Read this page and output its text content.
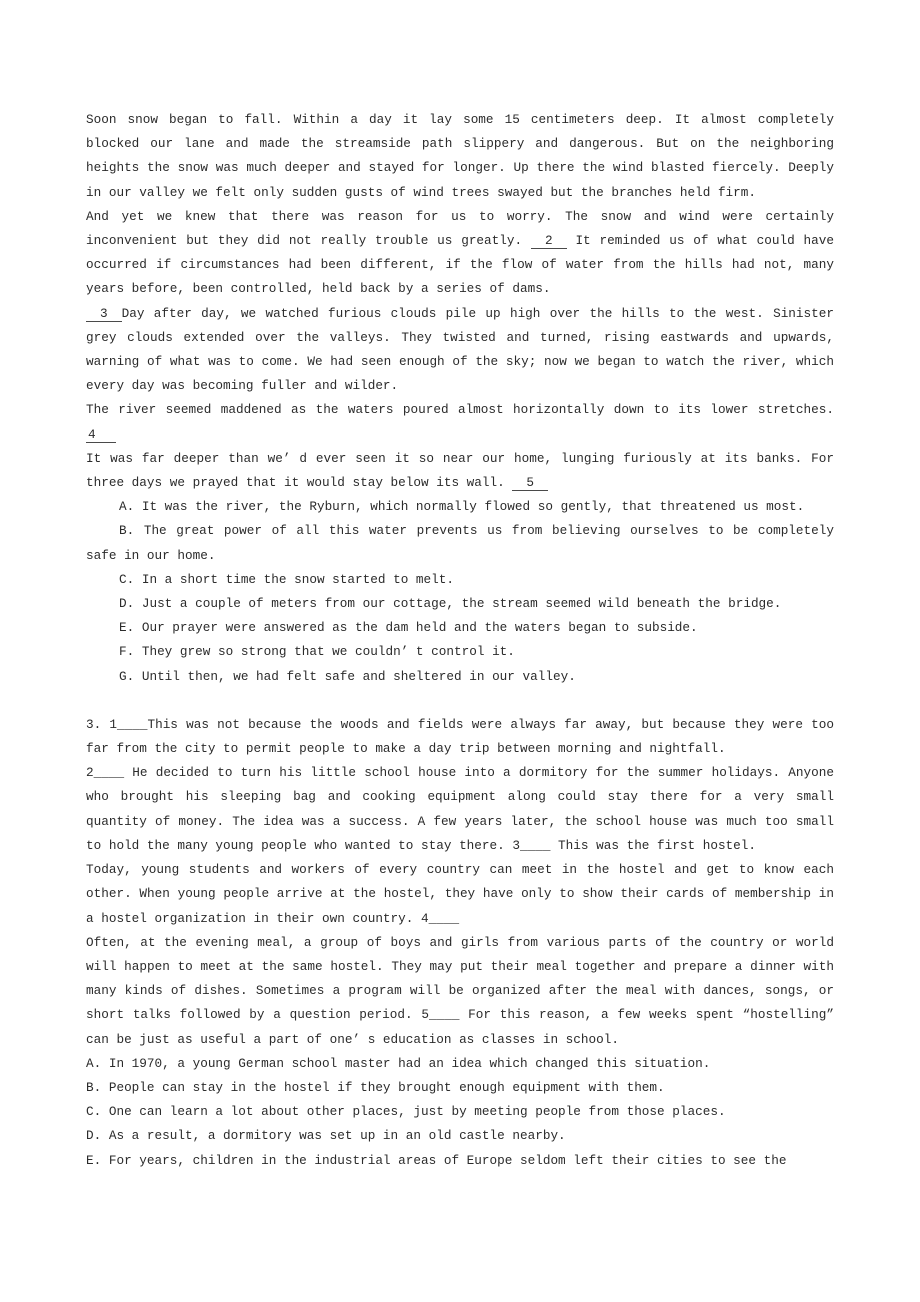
Soon snow began to fall. Within a day it lay some 15 centimeters deep. It almost completely blocked our lane and made the streamside path slippery and dangerous. But on the neighboring heights the snow was much deeper and stayed for longer. Up there the wind blasted fiercely. Deeply in our valley we felt only sudden gusts of wind trees swayed but the branches held firm.

And yet we knew that there was reason for us to worry. The snow and wind were certainly inconvenient but they did not really trouble us greatly. 2 It reminded us of what could have occurred if circumstances had been different, if the flow of water from the hills had not, many years before, been controlled, held back by a series of dams.

3 Day after day, we watched furious clouds pile up high over the hills to the west. Sinister grey clouds extended over the valleys. They twisted and turned, rising eastwards and upwards, warning of what was to come. We had seen enough of the sky; now we began to watch the river, which every day was becoming fuller and wilder.

The river seemed maddened as the waters poured almost horizontally down to its lower stretches. 4

It was far deeper than we’ d ever seen it so near our home, lunging furiously at its banks. For three days we prayed that it would stay below its wall. 5

A. It was the river, the Ryburn, which normally flowed so gently, that threatened us most.

B. The great power of all this water prevents us from believing ourselves to be completely safe in our home.

C. In a short time the snow started to melt.

D. Just a couple of meters from our cottage, the stream seemed wild beneath the bridge.

E. Our prayer were answered as the dam held and the waters began to subside.

F. They grew so strong that we couldn’ t control it.

G. Until then, we had felt safe and sheltered in our valley.

3. 1____This was not because the woods and fields were always far away, but because they were too far from the city to permit people to make a day trip between morning and nightfall.

2____ He decided to turn his little school house into a dormitory for the summer holidays. Anyone who brought his sleeping bag and cooking equipment along could stay there for a very small quantity of money. The idea was a success. A few years later, the school house was much too small to hold the many young people who wanted to stay there. 3____ This was the first hostel.

Today, young students and workers of every country can meet in the hostel and get to know each other. When young people arrive at the hostel, they have only to show their cards of membership in a hostel organization in their own country. 4____

Often, at the evening meal, a group of boys and girls from various parts of the country or world will happen to meet at the same hostel. They may put their meal together and prepare a dinner with many kinds of dishes. Sometimes a program will be organized after the meal with dances, songs, or short talks followed by a question period. 5____ For this reason, a few weeks spent “hostelling” can be just as useful a part of one’ s education as classes in school.

A. In 1970, a young German school master had an idea which changed this situation.

B. People can stay in the hostel if they brought enough equipment with them.

C. One can learn a lot about other places, just by meeting people from those places.

D. As a result, a dormitory was set up in an old castle nearby.

E. For years, children in the industrial areas of Europe seldom left their cities to see the
